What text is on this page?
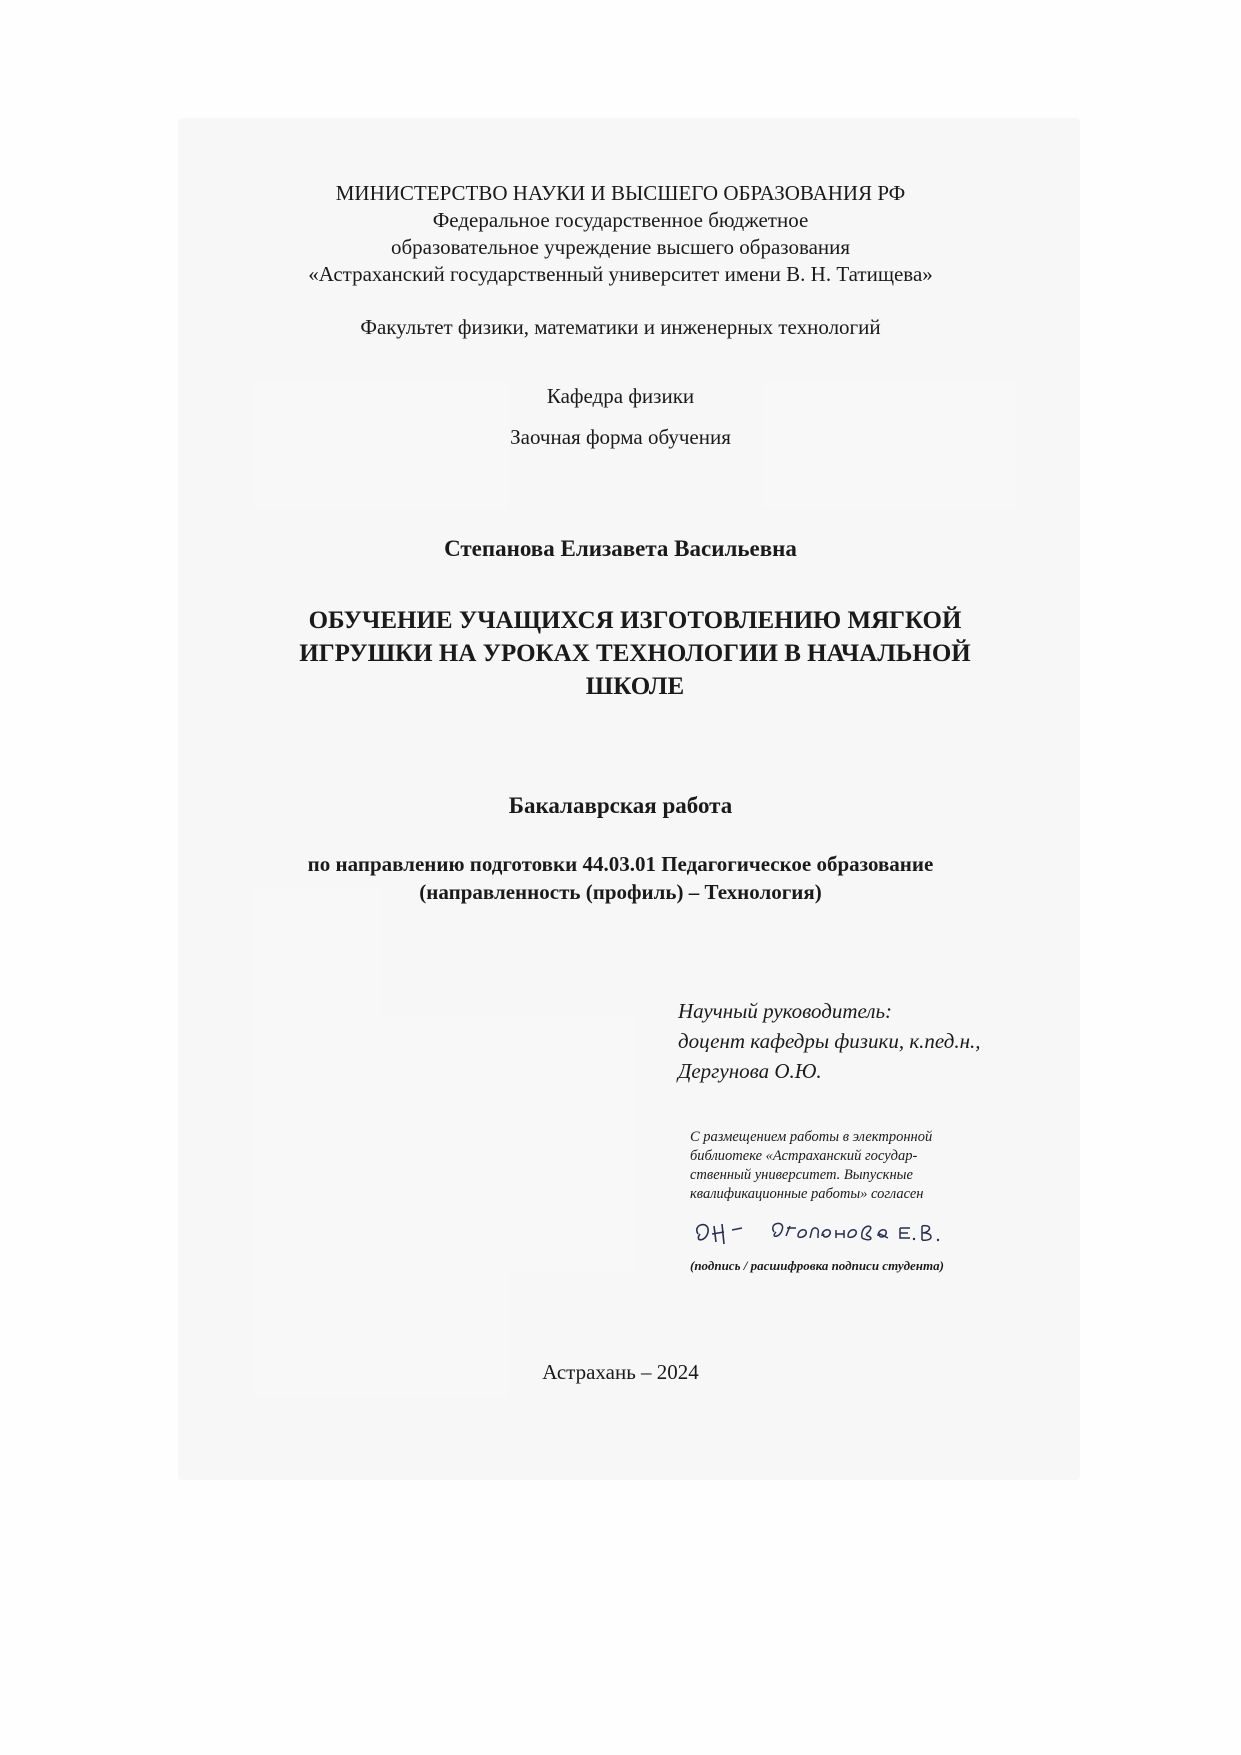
МИНИСТЕРСТВО НАУКИ И ВЫСШЕГО ОБРАЗОВАНИЯ РФ
Федеральное государственное бюджетное
образовательное учреждение высшего образования
«Астраханский государственный университет имени В. Н. Татищева»
Факультет физики, математики и инженерных технологий
Кафедра физики
Заочная форма обучения
Степанова Елизавета Васильевна
ОБУЧЕНИЕ УЧАЩИХСЯ ИЗГОТОВЛЕНИЮ МЯГКОЙ
ИГРУШКИ НА УРОКАХ ТЕХНОЛОГИИ В НАЧАЛЬНОЙ
ШКОЛЕ
Бакалаврская работа
по направлению подготовки 44.03.01 Педагогическое образование
(направленность (профиль) – Технология)
Научный руководитель:
доцент кафедры физики, к.пед.н.,
Дергунова О.Ю.
С размещением работы в электронной
библиотеке «Астраханский государ-
ственный университет. Выпускные
квалификационные работы» согласен
(подпись / расшифровка подписи студента)
Астрахань – 2024
